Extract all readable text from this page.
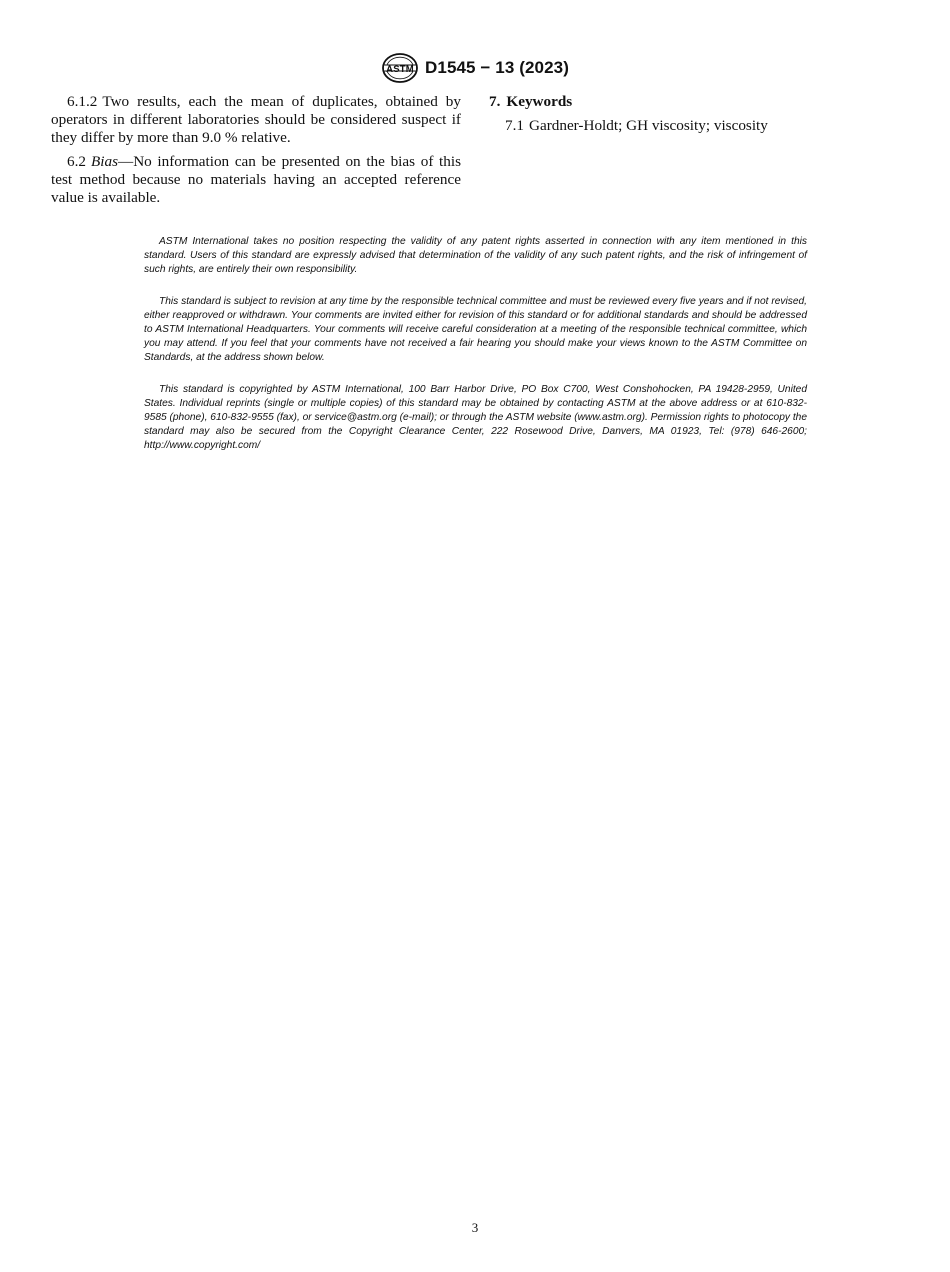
ASTM D1545 − 13 (2023)

6.1.2 Two results, each the mean of duplicates, obtained by operators in different laboratories should be considered suspect if they differ by more than 9.0 % relative.

6.2 Bias—No information can be presented on the bias of this test method because no materials having an accepted reference value is available.

7. Keywords

7.1 Gardner-Holdt; GH viscosity; viscosity

ASTM International takes no position respecting the validity of any patent rights asserted in connection with any item mentioned in this standard. Users of this standard are expressly advised that determination of the validity of any such patent rights, and the risk of infringement of such rights, are entirely their own responsibility.

This standard is subject to revision at any time by the responsible technical committee and must be reviewed every five years and if not revised, either reapproved or withdrawn. Your comments are invited either for revision of this standard or for additional standards and should be addressed to ASTM International Headquarters. Your comments will receive careful consideration at a meeting of the responsible technical committee, which you may attend. If you feel that your comments have not received a fair hearing you should make your views known to the ASTM Committee on Standards, at the address shown below.

This standard is copyrighted by ASTM International, 100 Barr Harbor Drive, PO Box C700, West Conshohocken, PA 19428-2959, United States. Individual reprints (single or multiple copies) of this standard may be obtained by contacting ASTM at the above address or at 610-832-9585 (phone), 610-832-9555 (fax), or service@astm.org (e-mail); or through the ASTM website (www.astm.org). Permission rights to photocopy the standard may also be secured from the Copyright Clearance Center, 222 Rosewood Drive, Danvers, MA 01923, Tel: (978) 646-2600; http://www.copyright.com/

3
